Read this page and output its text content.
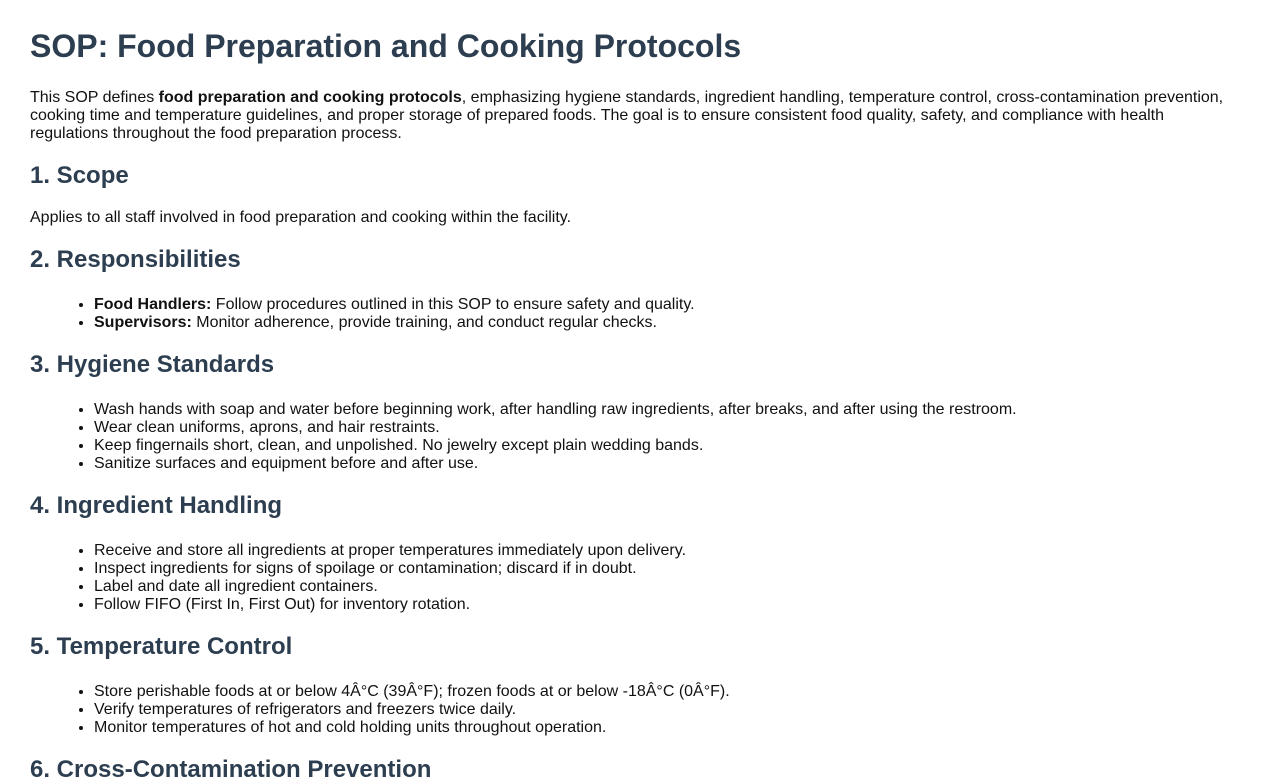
SOP: Food Preparation and Cooking Protocols

This SOP defines food preparation and cooking protocols, emphasizing hygiene standards, ingredient handling, temperature control, cross-contamination prevention, cooking time and temperature guidelines, and proper storage of prepared foods. The goal is to ensure consistent food quality, safety, and compliance with health regulations throughout the food preparation process.

1. Scope

Applies to all staff involved in food preparation and cooking within the facility.

2. Responsibilities
• Food Handlers: Follow procedures outlined in this SOP to ensure safety and quality.
• Supervisors: Monitor adherence, provide training, and conduct regular checks.
3. Hygiene Standards
• Wash hands with soap and water before beginning work, after handling raw ingredients, after breaks, and after using the restroom.
• Wear clean uniforms, aprons, and hair restraints.
• Keep fingernails short, clean, and unpolished. No jewelry except plain wedding bands.
• Sanitize surfaces and equipment before and after use.
4. Ingredient Handling
• Receive and store all ingredients at proper temperatures immediately upon delivery.
• Inspect ingredients for signs of spoilage or contamination; discard if in doubt.
• Label and date all ingredient containers.
• Follow FIFO (First In, First Out) for inventory rotation.
5. Temperature Control
• Store perishable foods at or below 4Â°C (39Â°F); frozen foods at or below -18Â°C (0Â°F).
• Verify temperatures of refrigerators and freezers twice daily.
• Monitor temperatures of hot and cold holding units throughout operation.
6. Cross-Contamination Prevention
